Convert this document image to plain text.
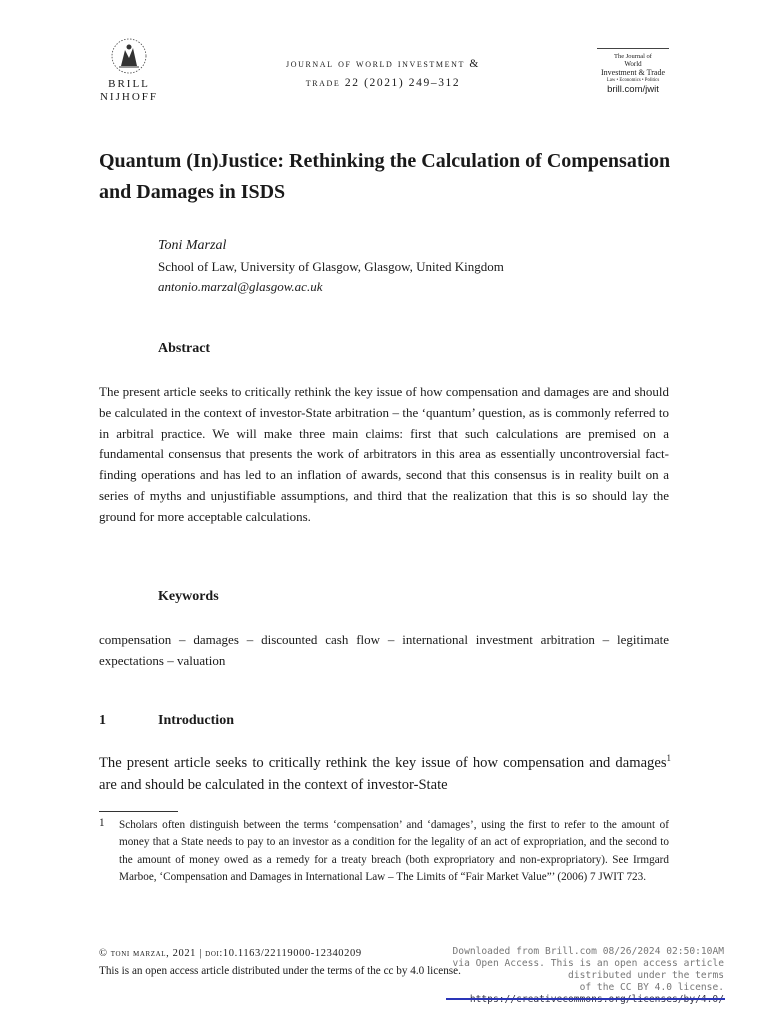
BRILL
NIJHOFF
journal of world investment &
trade 22 (2021) 249–312
The Journal of
World
Investment & Trade
Law • Economics • Politics
brill.com/jwit
Quantum (In)Justice: Rethinking the Calculation of Compensation and Damages in ISDS
Toni Marzal
School of Law, University of Glasgow, Glasgow, United Kingdom
antonio.marzal@glasgow.ac.uk
Abstract
The present article seeks to critically rethink the key issue of how compensation and damages are and should be calculated in the context of investor-State arbitration – the ‘quantum’ question, as is commonly referred to in arbitral practice. We will make three main claims: first that such calculations are premised on a fundamental consensus that presents the work of arbitrators in this area as essentially uncontroversial fact-finding operations and has led to an inflation of awards, second that this consensus is in reality built on a series of myths and unjustifiable assumptions, and third that the realization that this is so should lay the ground for more acceptable calculations.
Keywords
compensation – damages – discounted cash flow – international investment arbitration – legitimate expectations – valuation
1	Introduction
The present article seeks to critically rethink the key issue of how compensation and damages$^1$ are and should be calculated in the context of investor-State
1 Scholars often distinguish between the terms ‘compensation’ and ‘damages’, using the first to refer to the amount of money that a State needs to pay to an investor as a condition for the legality of an act of expropriation, and the second to the amount of money owed as a remedy for a treaty breach (both expropriatory and non-expropriatory). See Irmgard Marboe, ‘Compensation and Damages in International Law – The Limits of “Fair Market Value”’ (2006) 7 JWIT 723.
© toni marzal, 2021 | doi:10.1163/22119000-12340209
This is an open access article distributed under the terms of the cc by 4.0 license.
Downloaded from Brill.com 08/26/2024 02:50:10AM
via Open Access. This is an open access article distributed under the terms
of the CC BY 4.0 license.
